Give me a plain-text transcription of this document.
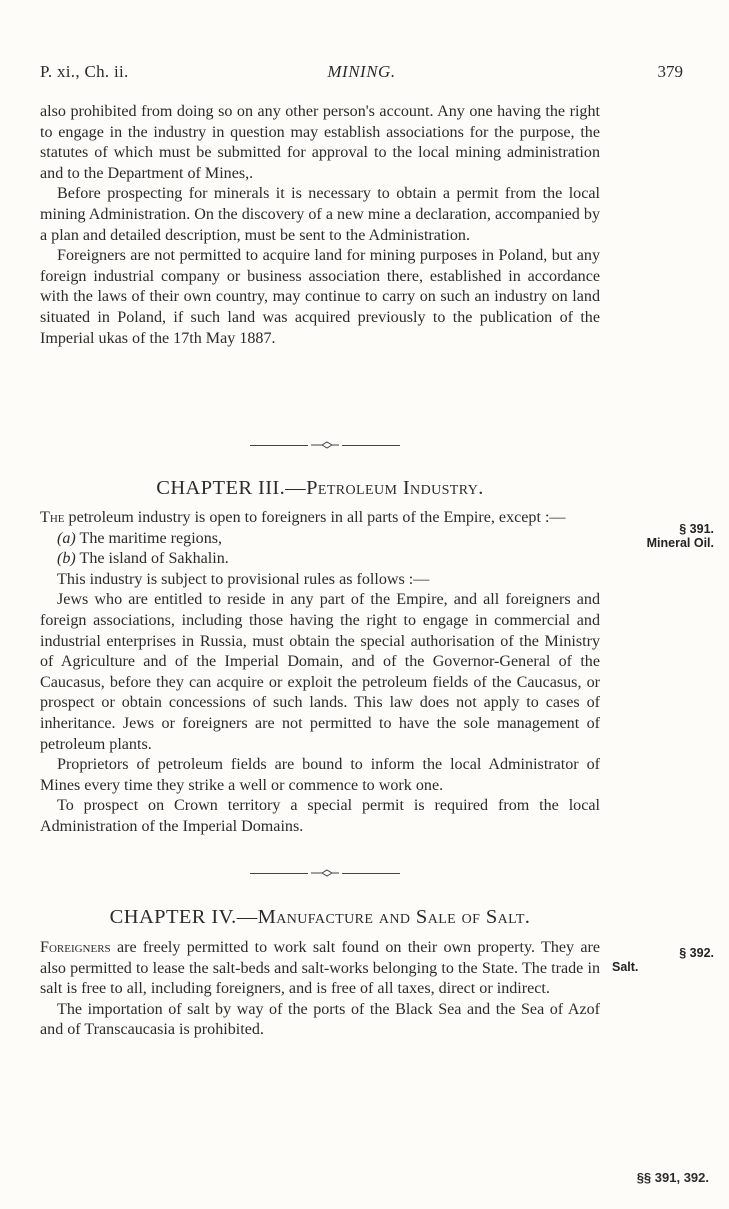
P. xi., Ch. ii.	MINING.	379

also prohibited from doing so on any other person's account. Any one having the right to engage in the industry in question may establish associations for the purpose, the statutes of which must be submitted for approval to the local mining administration and to the Department of Mines,.

Before prospecting for minerals it is necessary to obtain a permit from the local mining Administration. On the discovery of a new mine a declaration, accompanied by a plan and detailed description, must be sent to the Administration.

Foreigners are not permitted to acquire land for mining purposes in Poland, but any foreign industrial company or business association there, established in accordance with the laws of their own country, may continue to carry on such an industry on land situated in Poland, if such land was acquired previously to the publication of the Imperial ukas of the 17th May 1887.

CHAPTER III.—Petroleum Industry.
§ 391.
Mineral Oil.

The petroleum industry is open to foreigners in all parts of the Empire, except :—

(a) The maritime regions,

(b) The island of Sakhalin.

This industry is subject to provisional rules as follows :—

Jews who are entitled to reside in any part of the Empire, and all foreigners and foreign associations, including those having the right to engage in commercial and industrial enterprises in Russia, must obtain the special authorisation of the Ministry of Agriculture and of the Imperial Domain, and of the Governor-General of the Caucasus, before they can acquire or exploit the petroleum fields of the Caucasus, or prospect or obtain concessions of such lands. This law does not apply to cases of inheritance. Jews or foreigners are not permitted to have the sole management of petroleum plants.

Proprietors of petroleum fields are bound to inform the local Administrator of Mines every time they strike a well or commence to work one.

To prospect on Crown territory a special permit is required from the local Administration of the Imperial Domains.

CHAPTER IV.—Manufacture and Sale of Salt.
§ 392.
Salt.

Foreigners are freely permitted to work salt found on their own property. They are also permitted to lease the salt-beds and salt-works belonging to the State. The trade in salt is free to all, including foreigners, and is free of all taxes, direct or indirect.

The importation of salt by way of the ports of the Black Sea and the Sea of Azof and of Transcaucasia is prohibited.

§§ 391, 392.
